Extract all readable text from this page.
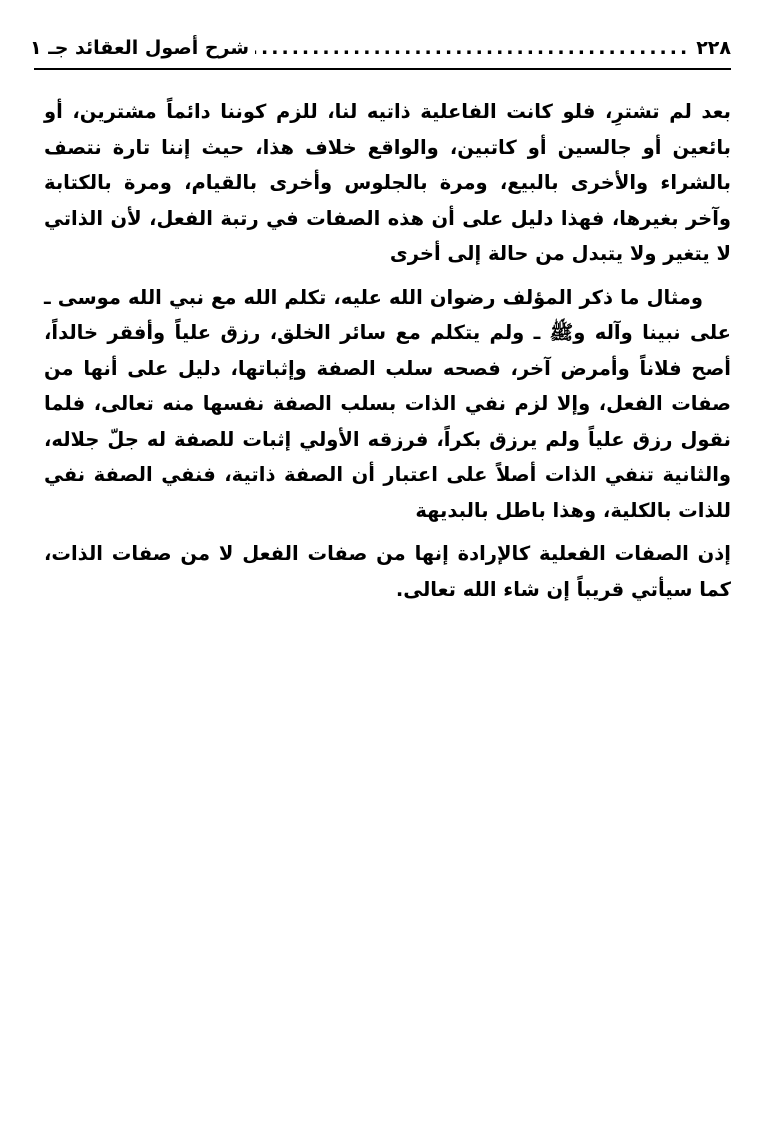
٢٢٨
.....
شرح أصول العقائد جـ ١

بعد لم تشترِ، فلو كانت الفاعلية ذاتيه لنا، للزم كوننا دائماً مشترين، أو بائعين أو جالسين أو كاتبين، والواقع خلاف هذا، حيث إننا تارة نتصف بالشراء والأخرى بالبيع، ومرة بالجلوس وأخرى بالقيام، ومرة بالكتابة وآخر بغيرها، فهذا دليل على أن هذه الصفات في رتبة الفعل، لأن الذاتي لا يتغير ولا يتبدل من حالة إلى أخرى

ومثال ما ذكر المؤلف رضوان الله عليه، تكلم الله مع نبي الله موسى ـ على نبينا وآله وﷺ ـ ولم يتكلم مع سائر الخلق، رزق علياً وأفقر خالداً، أصح فلاناً وأمرض آخر، فصحه سلب الصفة وإثباتها، دليل على أنها من صفات الفعل، وإلا لزم نفي الذات بسلب الصفة نفسها منه تعالى، فلما نقول رزق علياً ولم يرزق بكراً، فرزقه الأولي إثبات للصفة له جلّ جلاله، والثانية تنفي الذات أصلاً على اعتبار أن الصفة ذاتية، فنفي الصفة نفي للذات بالكلية، وهذا باطل بالبديهة

إذن الصفات الفعلية كالإرادة إنها من صفات الفعل لا من صفات الذات، كما سيأتي قريباً إن شاء الله تعالى.
